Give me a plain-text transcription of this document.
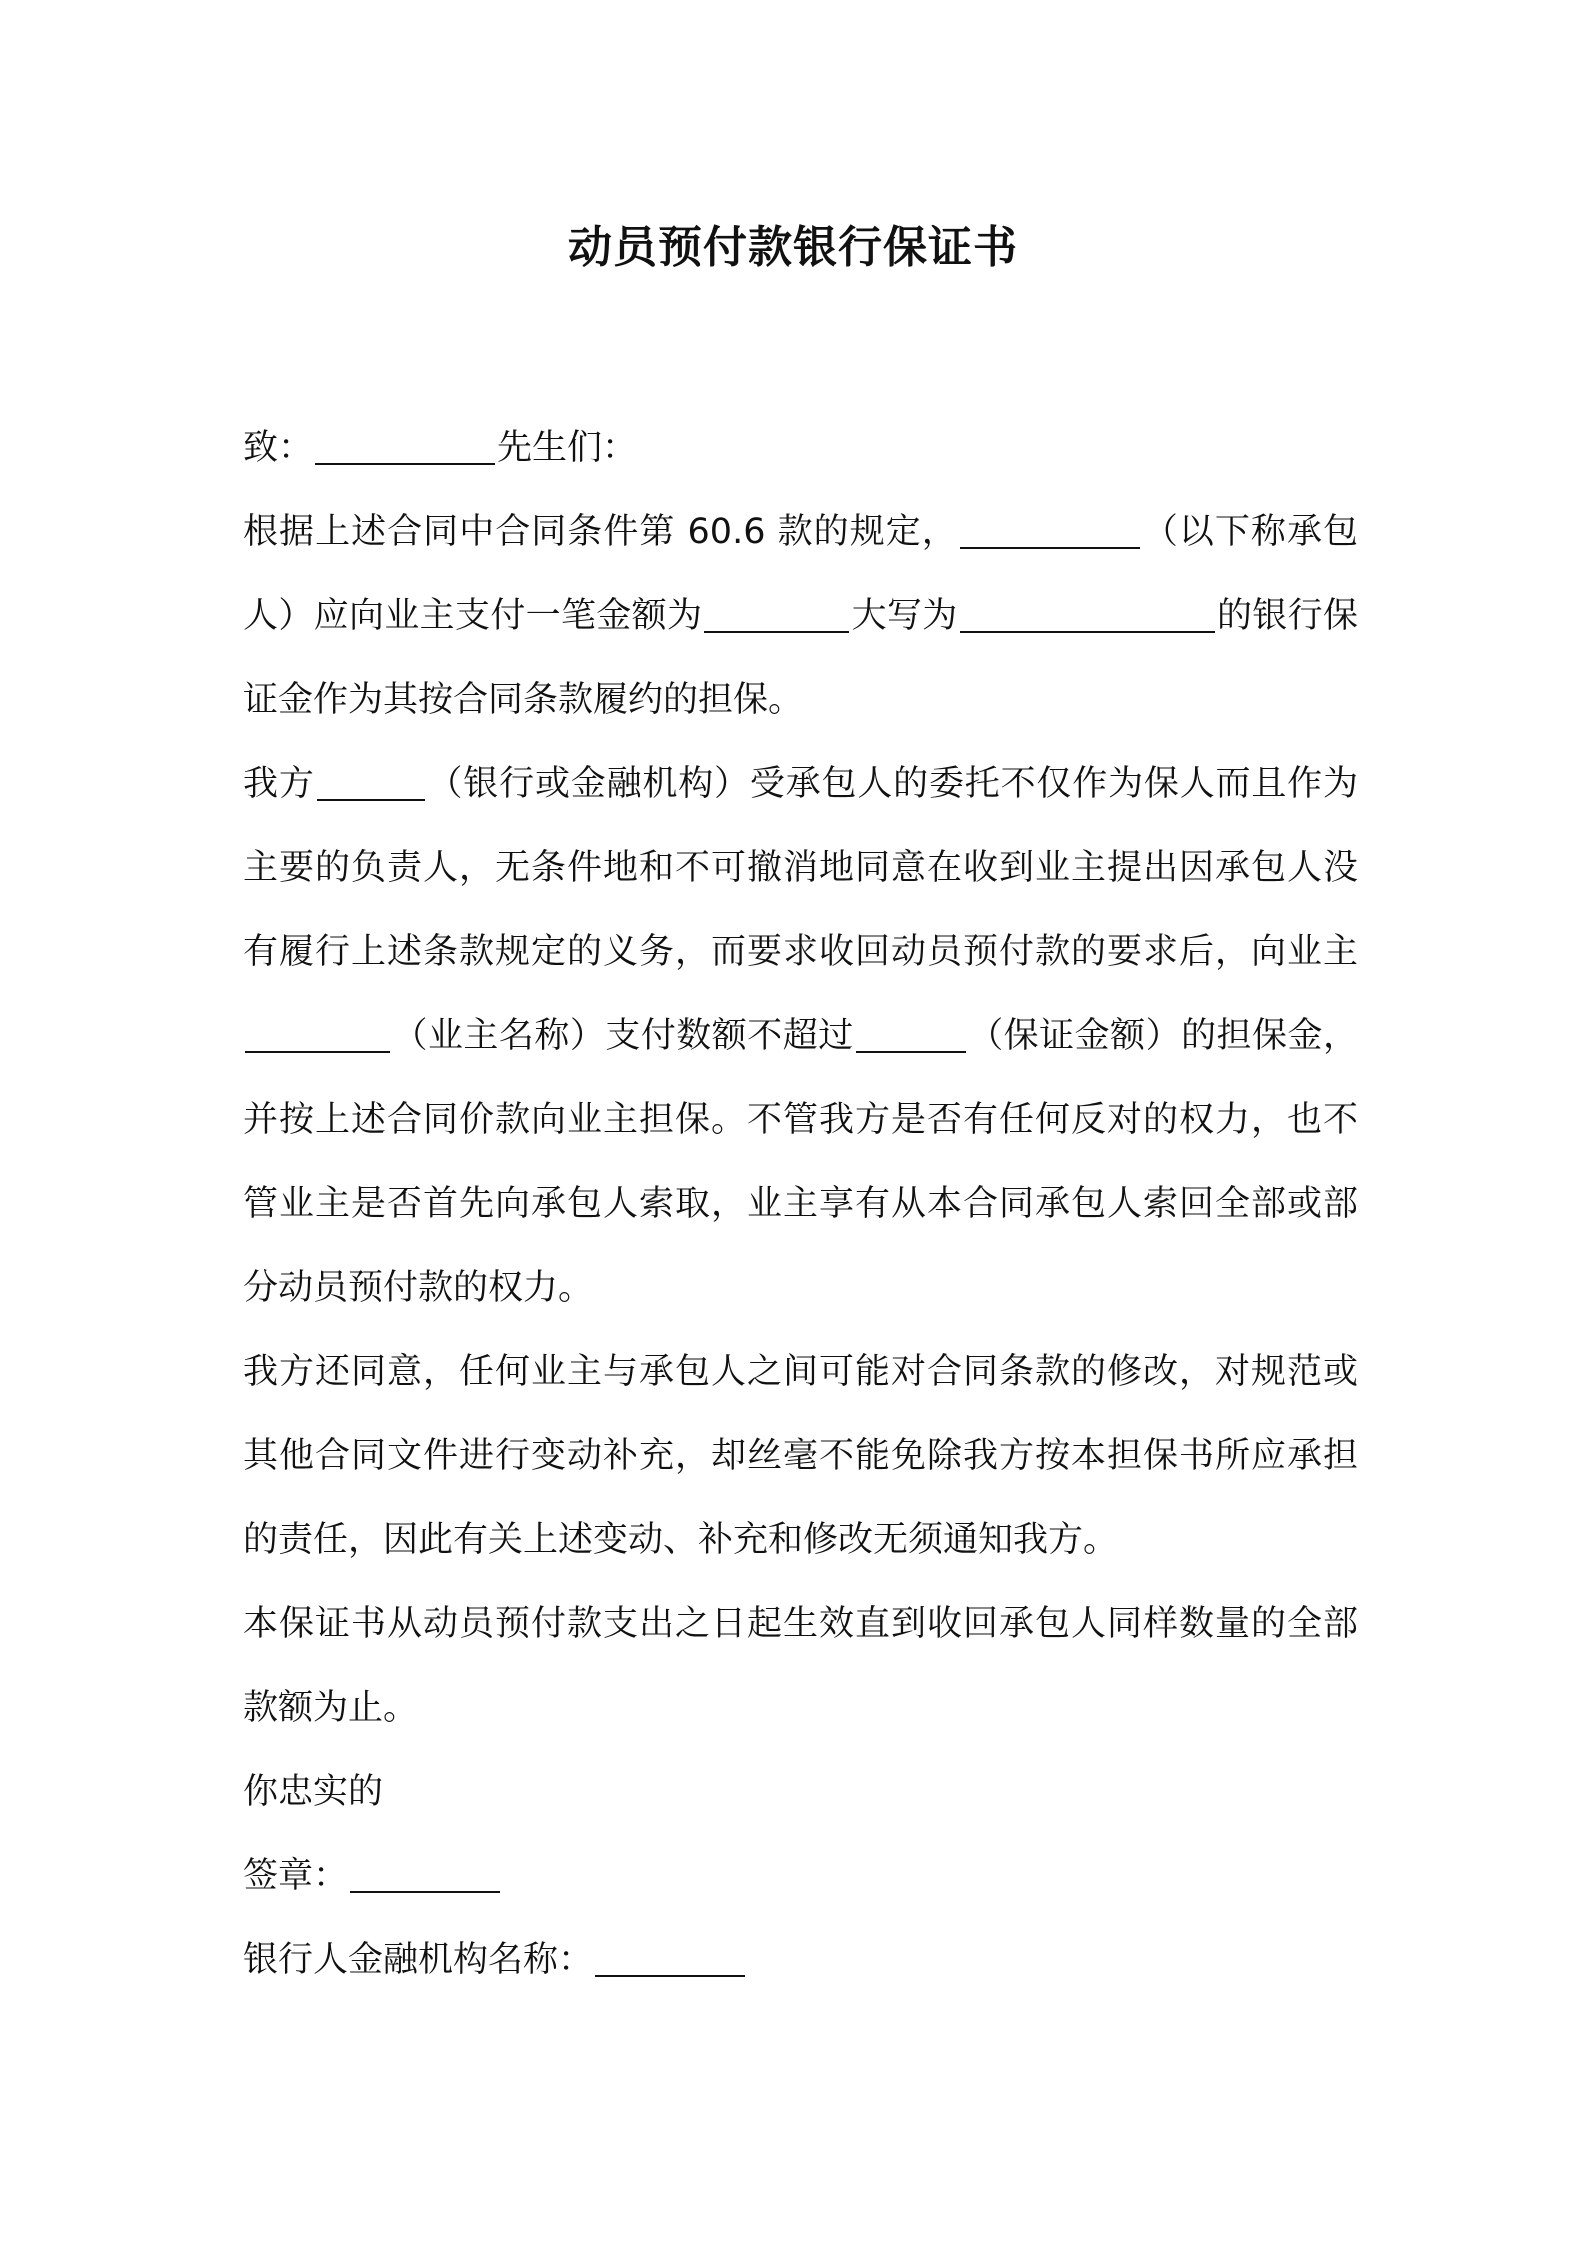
动员预付款银行保证书

致：	先生们：

根据上述合同中合同条件第 60.6 款的规定，	（以下称承包人）应向业主支付一笔金额为	大写为	的银行保证金作为其按合同条款履约的担保。

我方	（银行或金融机构）受承包人的委托不仅作为保人而且作为主要的负责人，无条件地和不可撤消地同意在收到业主提出因承包人没有履行上述条款规定的义务，而要求收回动员预付款的要求后，向业主（业主名称）支付数额不超过	（保证金额）的担保金，并按上述合同价款向业主担保。不管我方是否有任何反对的权力，也不管业主是否首先向承包人索取，业主享有从本合同承包人索回全部或部分动员预付款的权力。

我方还同意，任何业主与承包人之间可能对合同条款的修改，对规范或其他合同文件进行变动补充，却丝毫不能免除我方按本担保书所应承担的责任，因此有关上述变动、补充和修改无须通知我方。

本保证书从动员预付款支出之日起生效直到收回承包人同样数量的全部款额为止。

你忠实的

签章：

银行人金融机构名称：
